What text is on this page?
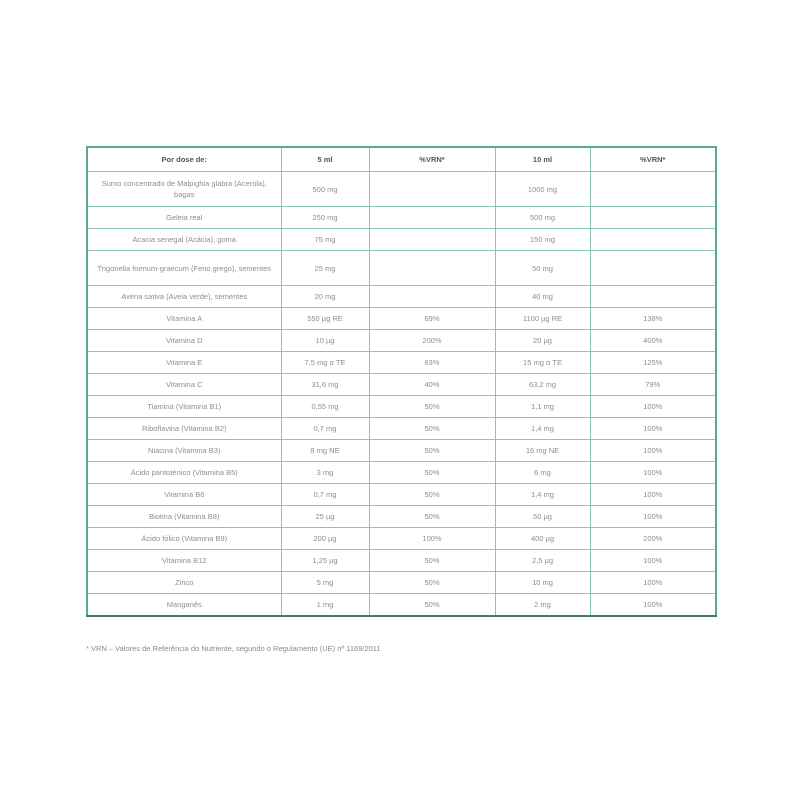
Por dose de:	5 ml	%VRN*	10 ml	%VRN*
Sumo concentrado de Malpighia glabra (Acerola), bagas	500 mg		1000 mg	
Geleia real	250 mg		500 mg	
Acacia senegal (Acácia), goma	75 mg		150 mg	
Trigonella foenum-graecum (Feno grego), sementes	25 mg		50 mg	
Avena sativa (Aveia verde), sementes	20 mg		40 mg	
Vitamina A	550 µg RE	69%	1100 µg RE	138%
Vitamina D	10 µg	200%	20 µg	400%
Vitamina E	7,5 mg α TE	63%	15 mg α TE	125%
Vitamina C	31,6 mg	40%	63,2 mg	79%
Tiamina (Vitamina B1)	0,55 mg	50%	1,1 mg	100%
Riboflavina (Vitamina B2)	0,7 mg	50%	1,4 mg	100%
Niacina (Vitamina B3)	8 mg NE	50%	16 mg NE	100%
Ácido pantoténico (Vitamina B5)	3 mg	50%	6 mg	100%
Vitamina B6	0,7 mg	50%	1,4 mg	100%
Biotina (Vitamina B8)	25 µg	50%	50 µg	100%
Ácido fólico (Vitamina B9)	200 µg	100%	400 µg	200%
Vitamina B12	1,25 µg	50%	2,5 µg	100%
Zinco	5 mg	50%	10 mg	100%
Manganês	1 mg	50%	2 mg	100%
* VRN – Valores de Referência do Nutriente, segundo o Regulamento (UE) nº 1169/2011
